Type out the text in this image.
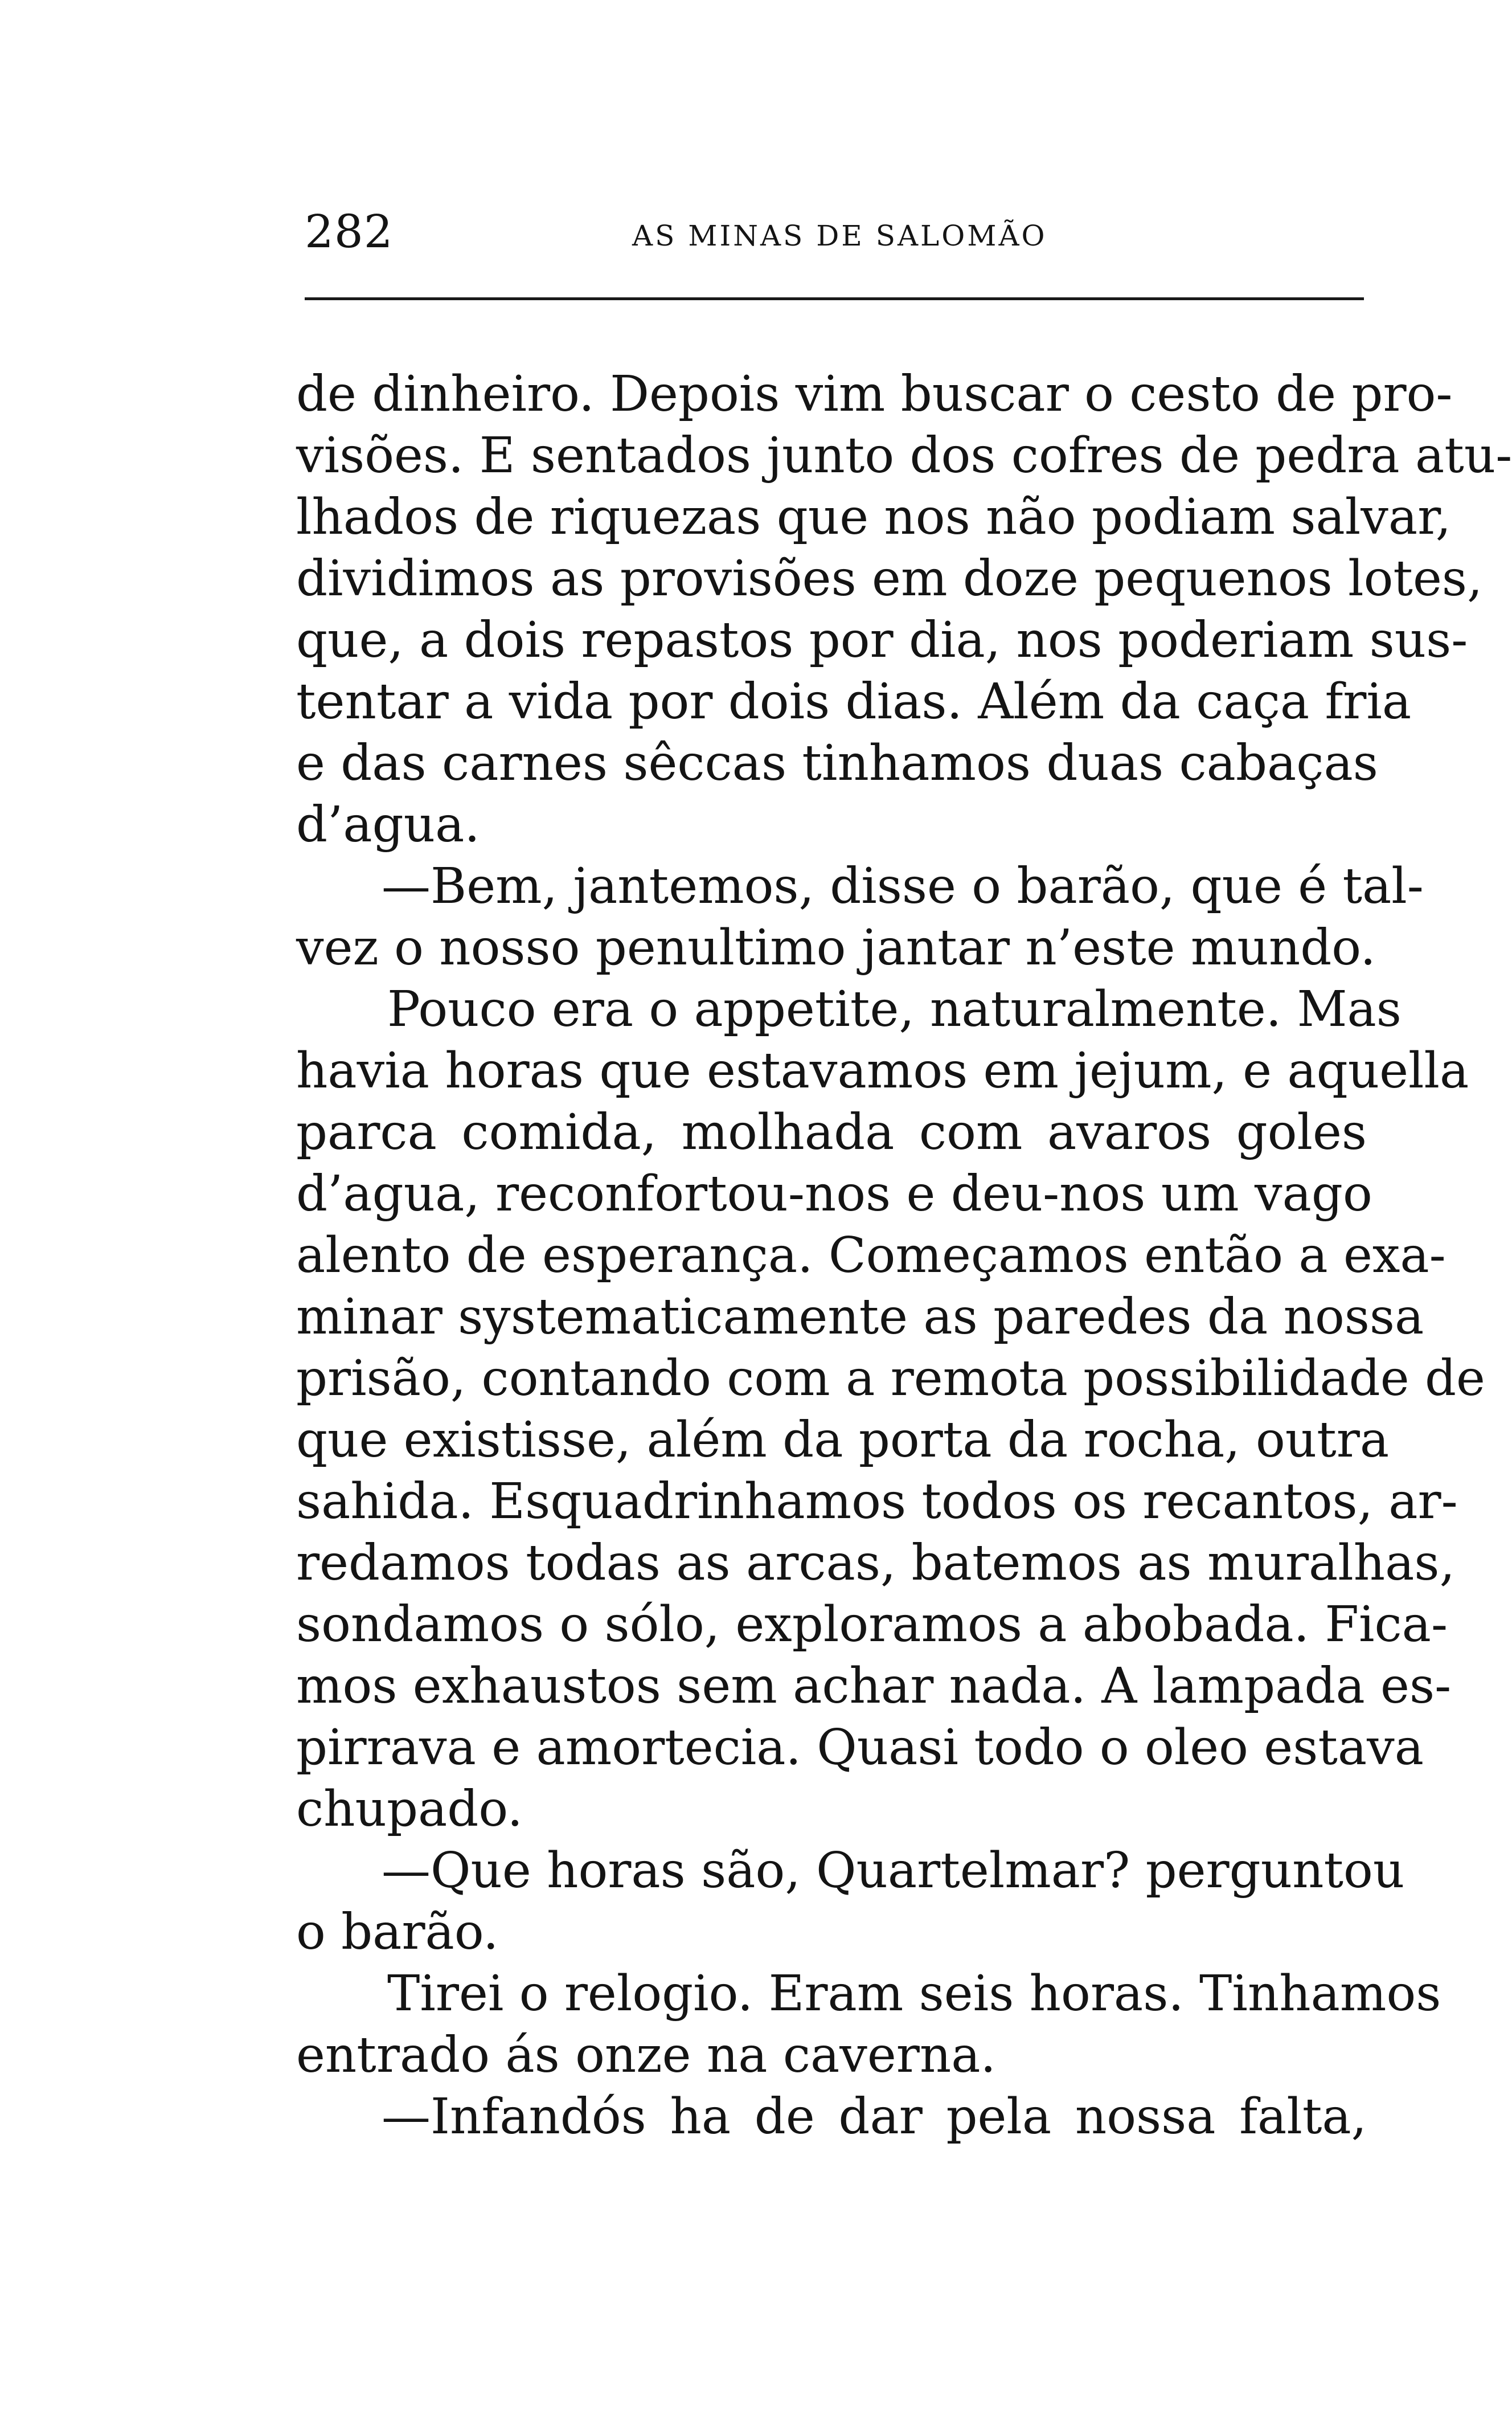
282	AS MINAS DE SALOMÃO
de dinheiro. Depois vim buscar o cesto de pro-
visões. E sentados junto dos cofres de pedra atu-
lhados de riquezas que nos não podiam salvar,
dividimos as provisões em doze pequenos lotes,
que, a dois repastos por dia, nos poderiam sus-
tentar a vida por dois dias. Além da caça fria
e das carnes sêccas tinhamos duas cabaças
d’agua.
—Bem, jantemos, disse o barão, que é tal-
vez o nosso penultimo jantar n’este mundo.
Pouco era o appetite, naturalmente. Mas
havia horas que estavamos em jejum, e aquella
parca comida, molhada com avaros goles
d’agua, reconfortou-nos e deu-nos um vago
alento de esperança. Começamos então a exa-
minar systematicamente as paredes da nossa
prisão, contando com a remota possibilidade de
que existisse, além da porta da rocha, outra
sahida. Esquadrinhamos todos os recantos, ar-
redamos todas as arcas, batemos as muralhas,
sondamos o sólo, exploramos a abobada. Fica-
mos exhaustos sem achar nada. A lampada es-
pirrava e amortecia. Quasi todo o oleo estava
chupado.
—Que horas são, Quartelmar? perguntou
o barão.
Tirei o relogio. Eram seis horas. Tinhamos
entrado ás onze na caverna.
—Infandós ha de dar pela nossa falta,
